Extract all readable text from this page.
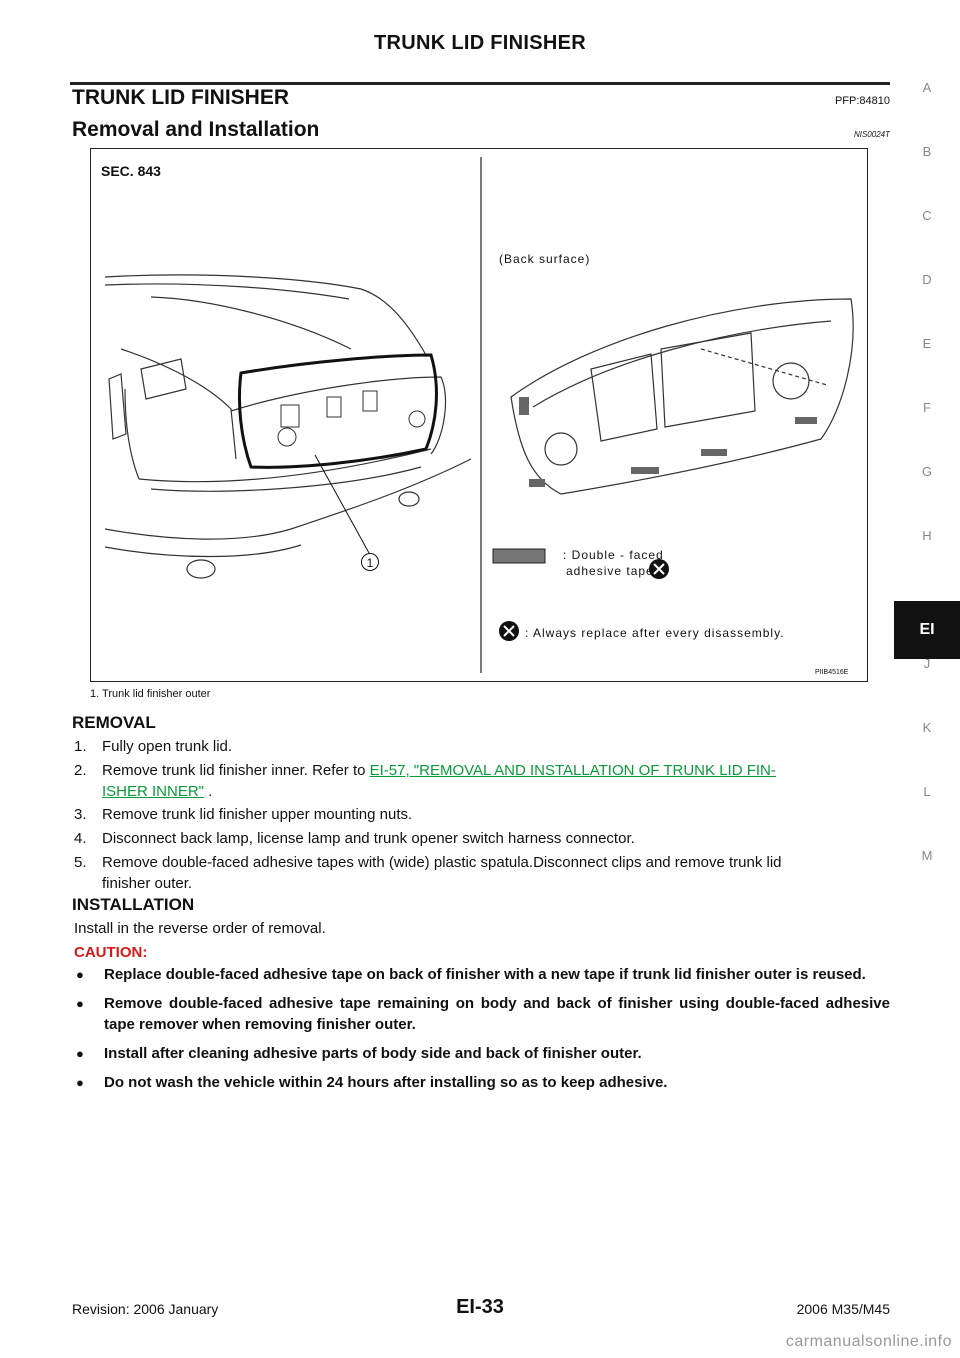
TRUNK LID FINISHER
TRUNK LID FINISHER	PFP:84810
Removal and Installation	NIS0024T
SEC. 843
(Back surface)
: Double - faced
adhesive tape
: Always replace after every disassembly.
PIIB4516E
1
1. Trunk lid finisher outer
REMOVAL
1. Fully open trunk lid.
2. Remove trunk lid finisher inner. Refer to EI-57, "REMOVAL AND INSTALLATION OF TRUNK LID FIN-
ISHER INNER" .
3. Remove trunk lid finisher upper mounting nuts.
4. Disconnect back lamp, license lamp and trunk opener switch harness connector.
5. Remove double-faced adhesive tapes with (wide) plastic spatula.Disconnect clips and remove trunk lid
finisher outer.
INSTALLATION
Install in the reverse order of removal.
CAUTION:
● Replace double-faced adhesive tape on back of finisher with a new tape if trunk lid finisher outer is reused.
● Remove double-faced adhesive tape remaining on body and back of finisher using double-faced adhesive tape remover when removing finisher outer.
● Install after cleaning adhesive parts of body side and back of finisher outer.
● Do not wash the vehicle within 24 hours after installing so as to keep adhesive.
A
B
C
D
E
F
G
H
EI
J
K
L
M
Revision: 2006 January	EI-33	2006 M35/M45
carmanualsonline.info
